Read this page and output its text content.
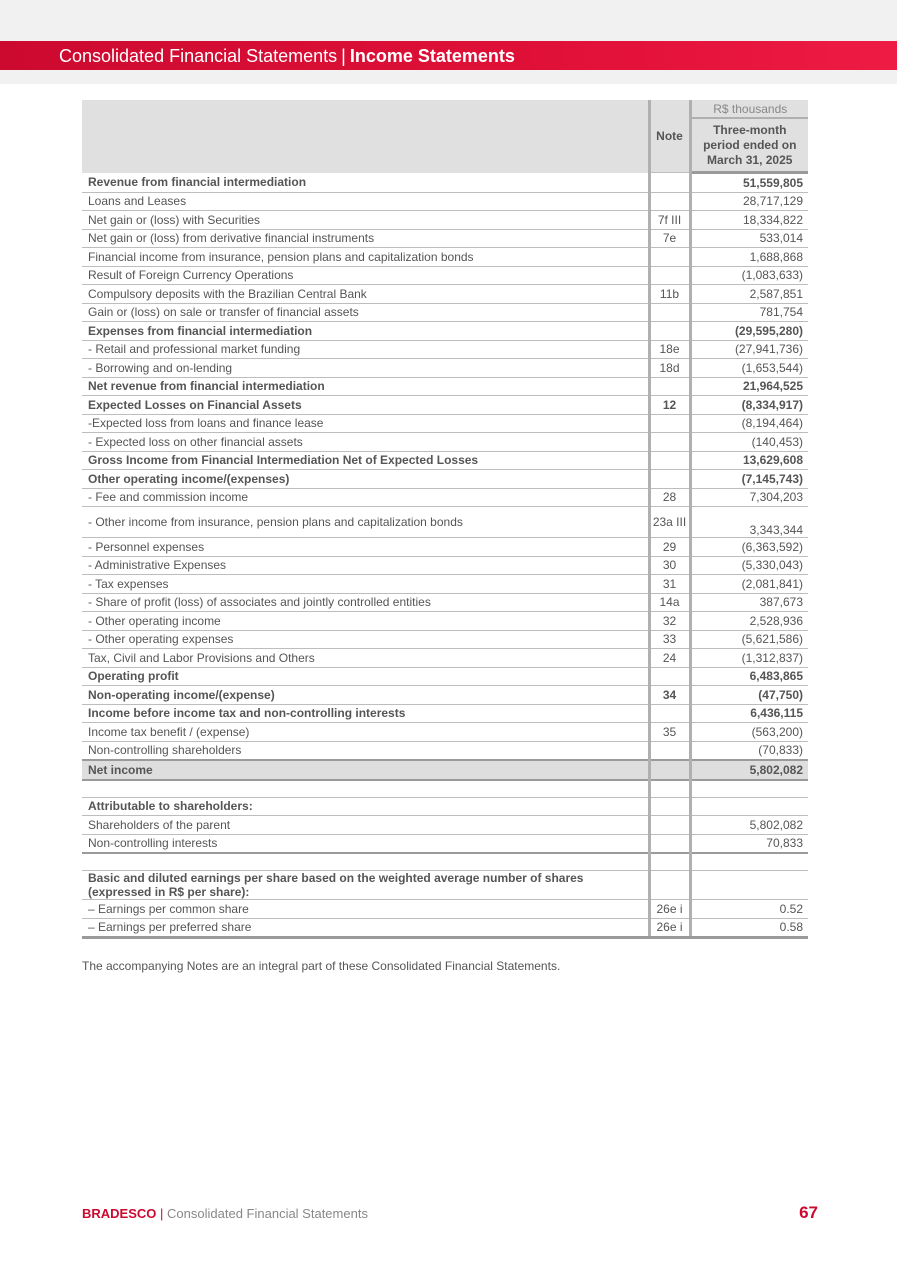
Consolidated Financial Statements | Income Statements
	Note	R$ thousands
		Three-month period ended on March 31, 2025
Revenue from financial intermediation		51,559,805
Loans and Leases		28,717,129
Net gain or (loss) with Securities	7f III	18,334,822
Net gain or (loss) from derivative financial instruments	7e	533,014
Financial income from insurance, pension plans and capitalization bonds		1,688,868
Result of Foreign Currency Operations		(1,083,633)
Compulsory deposits with the Brazilian Central Bank	11b	2,587,851
Gain or (loss) on sale or transfer of financial assets		781,754
Expenses from financial intermediation		(29,595,280)
- Retail and professional market funding	18e	(27,941,736)
- Borrowing and on-lending	18d	(1,653,544)
Net revenue from financial intermediation		21,964,525
Expected Losses on Financial Assets	12	(8,334,917)
-Expected loss from loans and finance lease		(8,194,464)
- Expected loss on other financial assets		(140,453)
Gross Income from Financial Intermediation Net of Expected Losses		13,629,608
Other operating income/(expenses)		(7,145,743)
- Fee and commission income	28	7,304,203
- Other income from insurance, pension plans and capitalization bonds	23a III	3,343,344
- Personnel expenses	29	(6,363,592)
- Administrative Expenses	30	(5,330,043)
- Tax expenses	31	(2,081,841)
- Share of profit (loss) of associates and jointly controlled entities	14a	387,673
- Other operating income	32	2,528,936
- Other operating expenses	33	(5,621,586)
Tax, Civil and Labor Provisions and Others	24	(1,312,837)
Operating profit		6,483,865
Non-operating income/(expense)	34	(47,750)
Income before income tax and non-controlling interests		6,436,115
Income tax benefit / (expense)	35	(563,200)
Non-controlling shareholders		(70,833)
Net income		5,802,082

Attributable to shareholders:		
Shareholders of the parent		5,802,082
Non-controlling interests		70,833

Basic and diluted earnings per share based on the weighted average number of shares (expressed in R$ per share):		
– Earnings per common share	26e i	0.52
– Earnings per preferred share	26e i	0.58
The accompanying Notes are an integral part of these Consolidated Financial Statements.
BRADESCO | Consolidated Financial Statements	67
